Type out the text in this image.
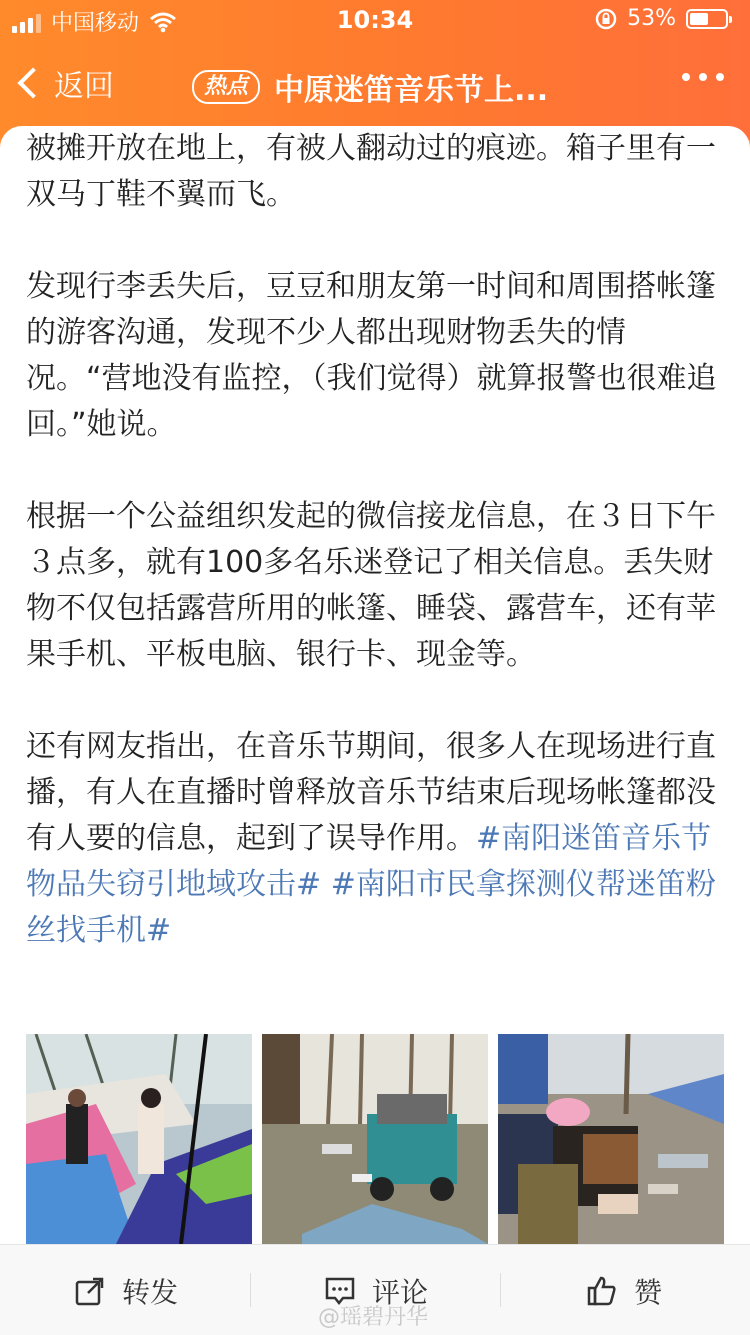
中国移动	10:34	53%
返回	热点 中原迷笛音乐节上...

被摊开放在地上，有被人翻动过的痕迹。箱子里有一双马丁鞋不翼而飞。

发现行李丢失后，豆豆和朋友第一时间和周围搭帐篷的游客沟通，发现不少人都出现财物丢失的情况。“营地没有监控，（我们觉得）就算报警也很难追回。”她说。

根据一个公益组织发起的微信接龙信息，在３日下午３点多，就有100多名乐迷登记了相关信息。丢失财物不仅包括露营所用的帐篷、睡袋、露营车，还有苹果手机、平板电脑、银行卡、现金等。

还有网友指出，在音乐节期间，很多人在现场进行直播，有人在直播时曾释放音乐节结束后现场帐篷都没有人要的信息，起到了误导作用。#南阳迷笛音乐节物品失窃引地域攻击# #南阳市民拿探测仪帮迷笛粉丝找手机#

转发	评论	赞
@瑶碧丹华
